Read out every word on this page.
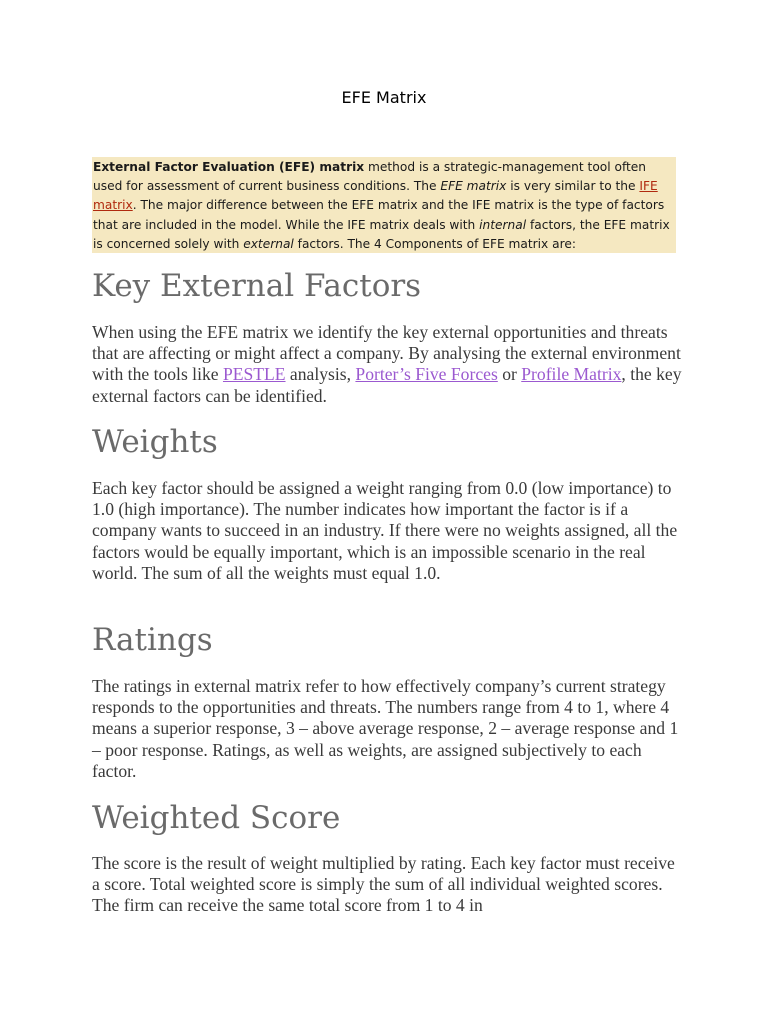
EFE Matrix
External Factor Evaluation (EFE) matrix method is a strategic-management tool often used for assessment of current business conditions. The EFE matrix is very similar to the IFE matrix. The major difference between the EFE matrix and the IFE matrix is the type of factors that are included in the model. While the IFE matrix deals with internal factors, the EFE matrix is concerned solely with external factors. The 4 Components of EFE matrix are:
Key External Factors

When using the EFE matrix we identify the key external opportunities and threats that are affecting or might affect a company. By analysing the external environment with the tools like PESTLE analysis, Porter’s Five Forces or Profile Matrix, the key external factors can be identified.

Weights

Each key factor should be assigned a weight ranging from 0.0 (low importance) to 1.0 (high importance). The number indicates how important the factor is if a company wants to succeed in an industry. If there were no weights assigned, all the factors would be equally important, which is an impossible scenario in the real world. The sum of all the weights must equal 1.0.

Ratings

The ratings in external matrix refer to how effectively company’s current strategy responds to the opportunities and threats. The numbers range from 4 to 1, where 4 means a superior response, 3 – above average response, 2 – average response and 1 – poor response. Ratings, as well as weights, are assigned subjectively to each factor.

Weighted Score

The score is the result of weight multiplied by rating. Each key factor must receive a score. Total weighted score is simply the sum of all individual weighted scores. The firm can receive the same total score from 1 to 4 in
